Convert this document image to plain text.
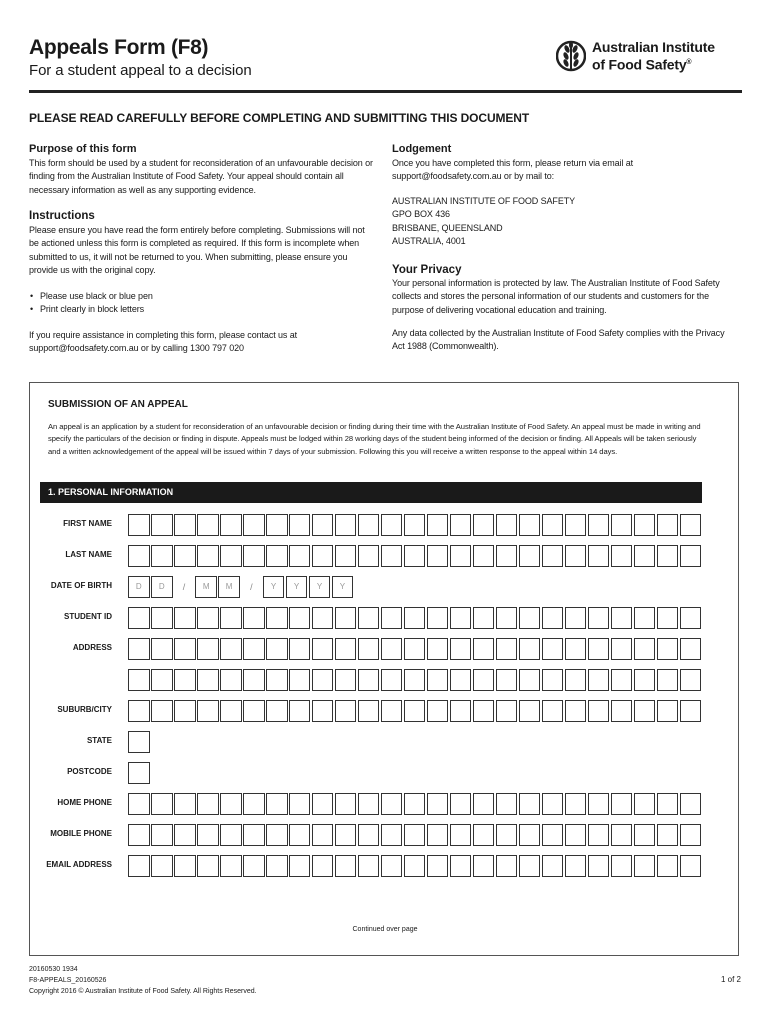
Appeals Form (F8)
For a student appeal to a decision
Australian Institute
of Food Safety®
PLEASE READ CAREFULLY BEFORE COMPLETING AND SUBMITTING THIS DOCUMENT
Purpose of this form
This form should be used by a student for reconsideration of an unfavourable decision or finding from the Australian Institute of Food Safety. Your appeal should contain all necessary information as well as any supporting evidence.
Instructions
Please ensure you have read the form entirely before completing. Submissions will not be actioned unless this form is completed as required. If this form is incomplete when submitted to us, it will not be returned to you. When submitting, please ensure you provide us with the original copy.
• Please use black or blue pen
• Print clearly in block letters
If you require assistance in completing this form, please contact us at support@foodsafety.com.au or by calling 1300 797 020
Lodgement
Once you have completed this form, please return via email at support@foodsafety.com.au or by mail to:
AUSTRALIAN INSTITUTE OF FOOD SAFETY
GPO BOX 436
BRISBANE, QUEENSLAND
AUSTRALIA, 4001
Your Privacy
Your personal information is protected by law. The Australian Institute of Food Safety collects and stores the personal information of our students and customers for the purpose of delivering vocational education and training.
Any data collected by the Australian Institute of Food Safety complies with the Privacy Act 1988 (Commonwealth).
SUBMISSION OF AN APPEAL
An appeal is an application by a student for reconsideration of an unfavourable decision or finding during their time with the Australian Institute of Food Safety. An appeal must be made in writing and specify the particulars of the decision or finding in dispute. Appeals must be lodged within 28 working days of the student being informed of the decision or finding. All Appeals will be taken seriously and a written acknowledgement of the appeal will be issued within 7 days of your submission. Following this you will receive a written response to the appeal within 14 days.
1. PERSONAL INFORMATION
FIRST NAME
LAST NAME
DATE OF BIRTH	D	D	/	M	M	/	Y	Y	Y	Y
STUDENT ID
ADDRESS
SUBURB/CITY
STATE
POSTCODE
HOME PHONE
MOBILE PHONE
EMAIL ADDRESS
Continued over page
20160530 1934
F8-APPEALS_20160526
Copyright 2016 © Australian Institute of Food Safety. All Rights Reserved.
1 of 2
